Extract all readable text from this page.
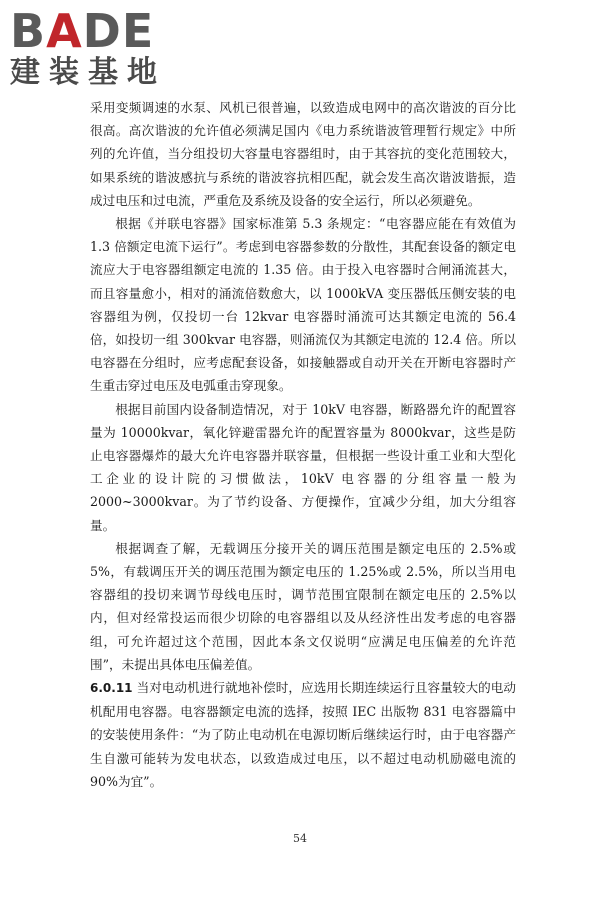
BADE
建装基地

采用变频调速的水泵、风机已很普遍，以致造成电网中的高次谐波的百分比很高。高次谐波的允许值必须满足国内《电力系统谐波管理暂行规定》中所列的允许值，当分组投切大容量电容器组时，由于其容抗的变化范围较大，如果系统的谐波感抗与系统的谐波容抗相匹配，就会发生高次谐波谐振，造成过电压和过电流，严重危及系统及设备的安全运行，所以必须避免。

根据《并联电容器》国家标准第 5.3 条规定：“电容器应能在有效值为 1.3 倍额定电流下运行”。考虑到电容器参数的分散性，其配套设备的额定电流应大于电容器组额定电流的 1.35 倍。由于投入电容器时合闸涌流甚大，而且容量愈小，相对的涌流倍数愈大，以 1000kVA 变压器低压侧安装的电容器组为例，仅投切一台 12kvar 电容器时涌流可达其额定电流的 56.4 倍，如投切一组 300kvar 电容器，则涌流仅为其额定电流的 12.4 倍。所以电容器在分组时，应考虑配套设备，如接触器或自动开关在开断电容器时产生重击穿过电压及电弧重击穿现象。

根据目前国内设备制造情况，对于 10kV 电容器，断路器允许的配置容量为 10000kvar，氧化锌避雷器允许的配置容量为 8000kvar，这些是防止电容器爆炸的最大允许电容器并联容量，但根据一些设计重工业和大型化工企业的设计院的习惯做法，10kV 电容器的分组容量一般为 2000~3000kvar。为了节约设备、方便操作，宜减少分组，加大分组容量。

根据调查了解，无载调压分接开关的调压范围是额定电压的 2.5%或 5%，有载调压开关的调压范围为额定电压的 1.25%或 2.5%，所以当用电容器组的投切来调节母线电压时，调节范围宜限制在额定电压的 2.5%以内，但对经常投运而很少切除的电容器组以及从经济性出发考虑的电容器组，可允许超过这个范围，因此本条文仅说明“应满足电压偏差的允许范围”，未提出具体电压偏差值。

6.0.11 当对电动机进行就地补偿时，应选用长期连续运行且容量较大的电动机配用电容器。电容器额定电流的选择，按照 IEC 出版物 831 电容器篇中的安装使用条件：“为了防止电动机在电源切断后继续运行时，由于电容器产生自激可能转为发电状态，以致造成过电压，以不超过电动机励磁电流的 90%为宜”。

54
